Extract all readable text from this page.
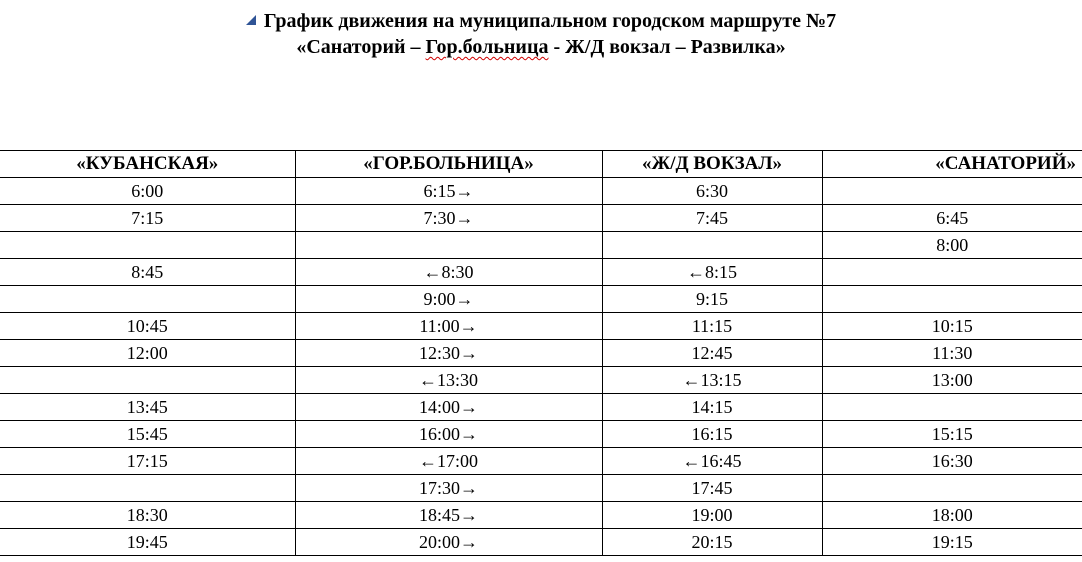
График движения на муниципальном городском маршруте №7
«Санаторий – Гор.больница - Ж/Д вокзал – Развилка»
«КУБАНСКАЯ»	«ГОР.БОЛЬНИЦА»	«Ж/Д ВОКЗАЛ»	«САНАТОРИЙ»
6:00	6:15→	6:30	
7:15	7:30→	7:45	6:45
			8:00
8:45	←8:30	←8:15	
	9:00→	9:15	
10:45	11:00→	11:15	10:15
12:00	12:30→	12:45	11:30
	←13:30	←13:15	13:00
13:45	14:00→	14:15	
15:45	16:00→	16:15	15:15
17:15	←17:00	←16:45	16:30
	17:30→	17:45	
18:30	18:45→	19:00	18:00
19:45	20:00→	20:15	19:15
